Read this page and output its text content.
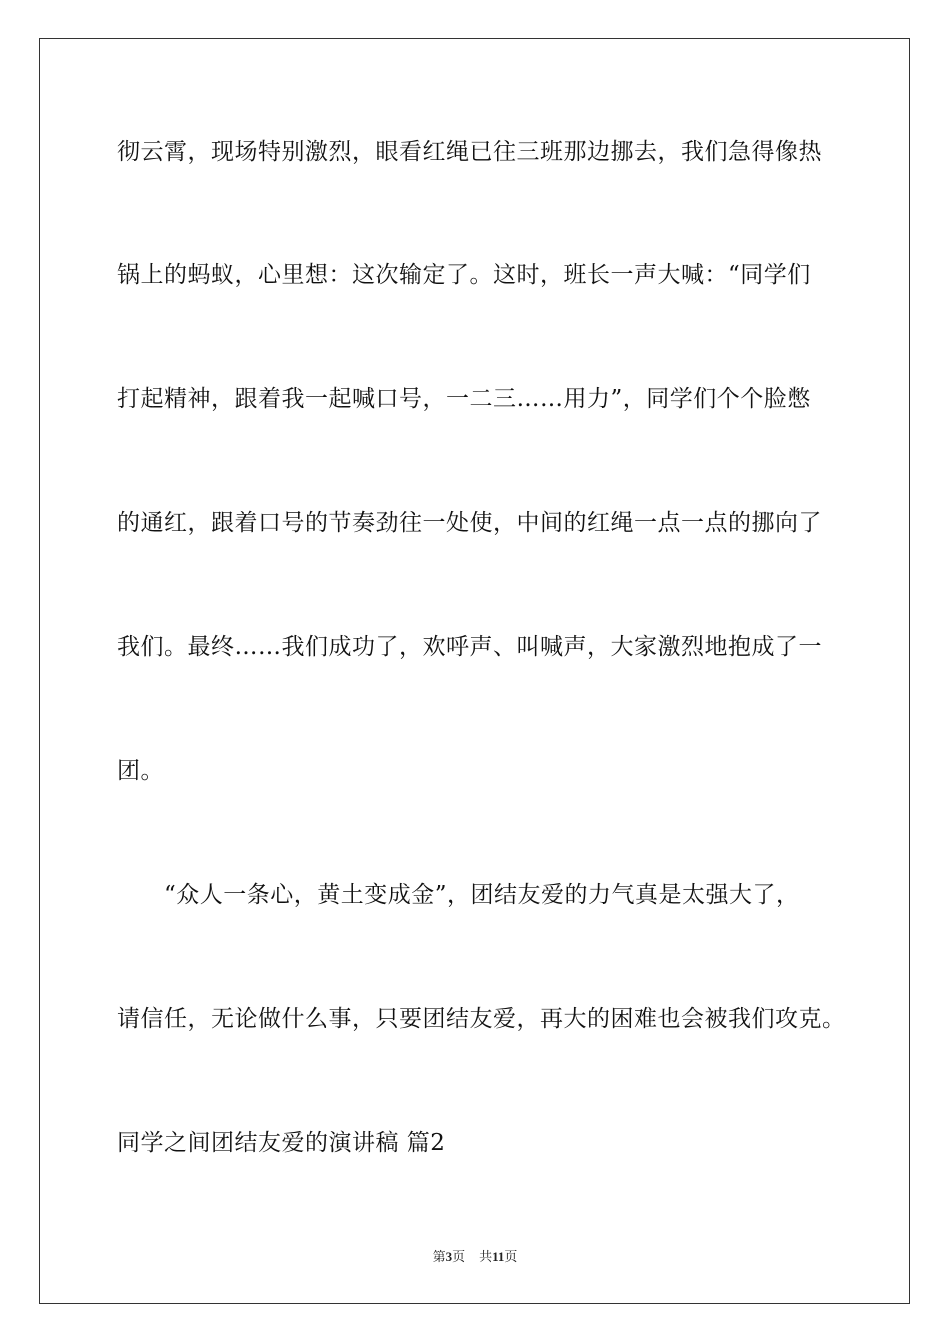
彻云霄，现场特别激烈，眼看红绳已往三班那边挪去，我们急得像热
锅上的蚂蚁，心里想：这次输定了。这时，班长一声大喊：“同学们
打起精神，跟着我一起喊口号，一二三……用力”，同学们个个脸憋
的通红，跟着口号的节奏劲往一处使，中间的红绳一点一点的挪向了
我们。最终……我们成功了，欢呼声、叫喊声，大家激烈地抱成了一
团。
“众人一条心，黄土变成金”，团结友爱的力气真是太强大了，
请信任，无论做什么事，只要团结友爱，再大的困难也会被我们攻克。
同学之间团结友爱的演讲稿 篇2
第3页 共11页
